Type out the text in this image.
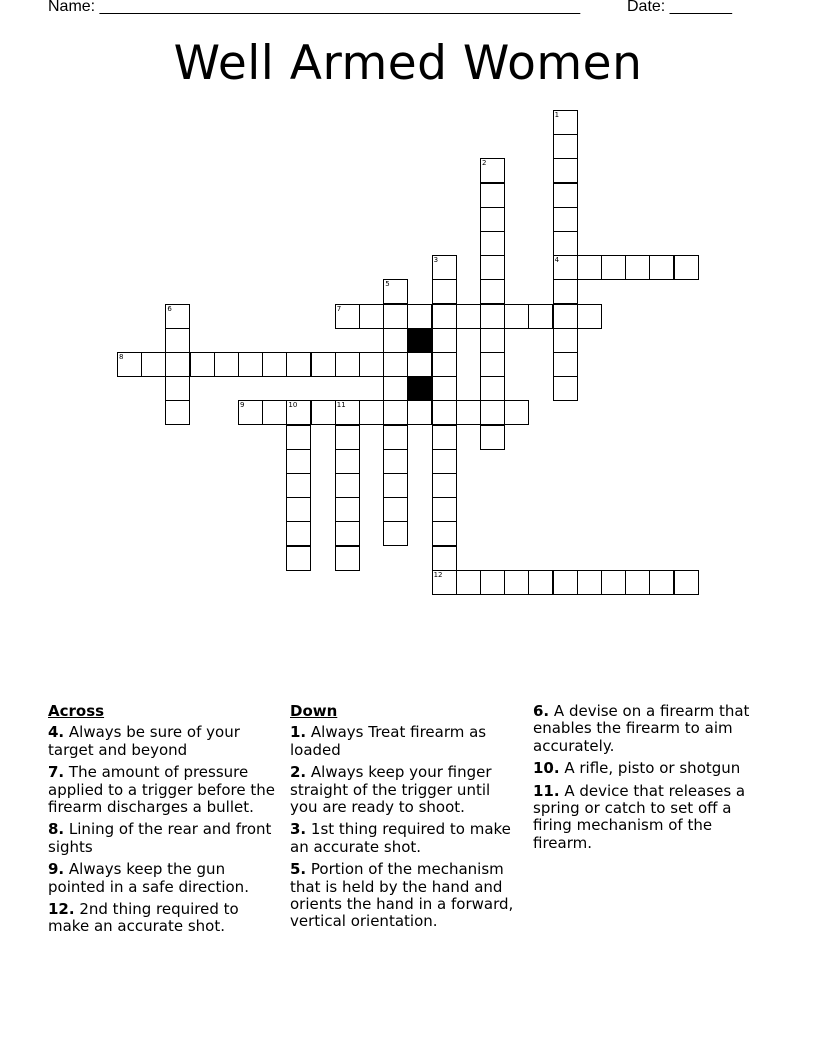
Name: ______________________________________________________	Date: _______
Well Armed Women
1
4
2
3
5
6	7
8
9	10	11
12
Across
4. Always be sure of your target and beyond
7. The amount of pressure applied to a trigger before the firearm discharges a bullet.
8. Lining of the rear and front sights
9. Always keep the gun pointed in a safe direction.
12. 2nd thing required to make an accurate shot.
Down
1. Always Treat firearm as loaded
2. Always keep your finger straight of the trigger until you are ready to shoot.
3. 1st thing required to make an accurate shot.
5. Portion of the mechanism that is held by the hand and orients the hand in a forward, vertical orientation.
6. A devise on a firearm that enables the firearm to aim accurately.
10. A rifle, pisto or shotgun
11. A device that releases a spring or catch to set off a firing mechanism of the firearm.
